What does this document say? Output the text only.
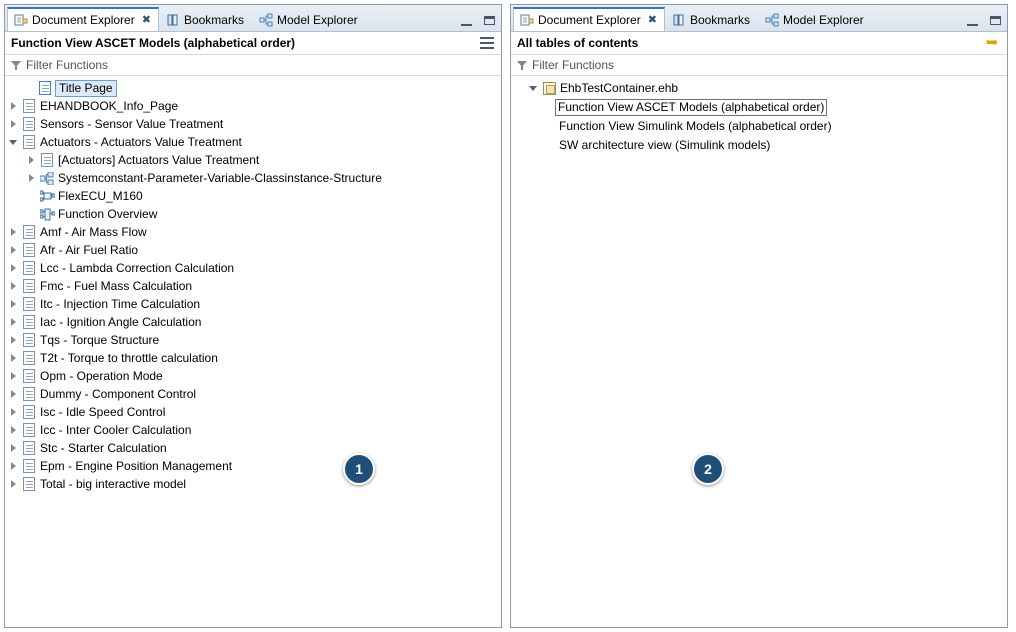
Document Explorer ✖	Bookmarks	Model Explorer
Function View ASCET Models (alphabetical order)
Filter Functions
Title Page
EHANDBOOK_Info_Page
Sensors - Sensor Value Treatment
Actuators - Actuators Value Treatment
[Actuators] Actuators Value Treatment
Systemconstant-Parameter-Variable-Classinstance-Structure
FlexECU_M160
Function Overview
Amf - Air Mass Flow
Afr - Air Fuel Ratio
Lcc - Lambda Correction Calculation
Fmc - Fuel Mass Calculation
Itc - Injection Time Calculation
Iac - Ignition Angle Calculation
Tqs - Torque Structure
T2t - Torque to throttle calculation
Opm - Operation Mode
Dummy - Component Control
Isc - Idle Speed Control
Icc - Inter Cooler Calculation
Stc - Starter Calculation
Epm - Engine Position Management
Total - big interactive model
1
Document Explorer ✖	Bookmarks	Model Explorer
All tables of contents	➥
Filter Functions
EhbTestContainer.ehb
Function View ASCET Models (alphabetical order)
Function View Simulink Models (alphabetical order)
SW architecture view (Simulink models)
2
